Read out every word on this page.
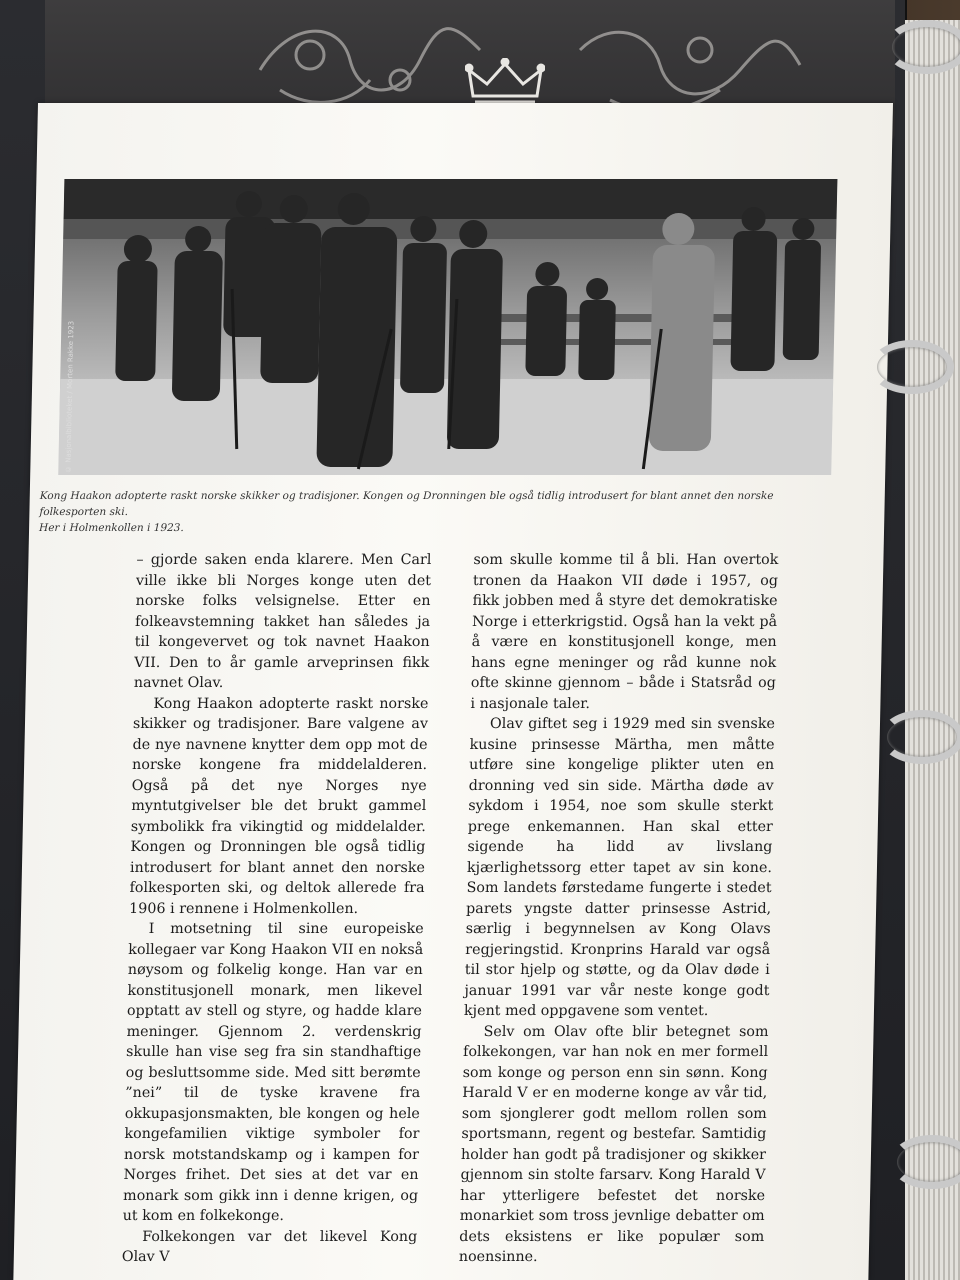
© Nasjonalbiblioteket / Morten Rakke 1923
Kong Haakon adopterte raskt norske skikker og tradisjoner. Kongen og Dronningen ble også tidlig introdusert for blant annet den norske folkesporten ski.
Her i Holmenkollen i 1923.

– gjorde saken enda klarere. Men Carl ville ikke bli Norges konge uten det norske folks velsignelse. Etter en folkeavstemning takket han således ja til kongevervet og tok navnet Haakon VII. Den to år gamle arveprinsen fikk navnet Olav.

Kong Haakon adopterte raskt norske skikker og tradisjoner. Bare valgene av de nye navnene knytter dem opp mot de norske kongene fra middelalderen. Også på det nye Norges nye myntutgivelser ble det brukt gammel symbolikk fra vikingtid og middelalder. Kongen og Dronningen ble også tidlig introdusert for blant annet den norske folkesporten ski, og deltok allerede fra 1906 i rennene i Holmenkollen.

I motsetning til sine europeiske kollegaer var Kong Haakon VII en nokså nøysom og folkelig konge. Han var en konstitusjonell monark, men likevel opptatt av stell og styre, og hadde klare meninger. Gjennom 2. verdenskrig skulle han vise seg fra sin standhaftige og besluttsomme side. Med sitt berømte ”nei” til de tyske kravene fra okkupasjonsmakten, ble kongen og hele kongefamilien viktige symboler for norsk motstandskamp og i kampen for Norges frihet. Det sies at det var en monark som gikk inn i denne krigen, og ut kom en folkekonge.

Folkekongen var det likevel Kong Olav V

som skulle komme til å bli. Han overtok tronen da Haakon VII døde i 1957, og fikk jobben med å styre det demokratiske Norge i etterkrigstid. Også han la vekt på å være en konstitusjonell konge, men hans egne meninger og råd kunne nok ofte skinne gjennom – både i Statsråd og i nasjonale taler.

Olav giftet seg i 1929 med sin svenske kusine prinsesse Märtha, men måtte utføre sine kongelige plikter uten en dronning ved sin side. Märtha døde av sykdom i 1954, noe som skulle sterkt prege enkemannen. Han skal etter sigende ha lidd av livslang kjærlighetssorg etter tapet av sin kone. Som landets førstedame fungerte i stedet parets yngste datter prinsesse Astrid, særlig i begynnelsen av Kong Olavs regjeringstid. Kronprins Harald var også til stor hjelp og støtte, og da Olav døde i januar 1991 var vår neste konge godt kjent med oppgavene som ventet.

Selv om Olav ofte blir betegnet som folkekongen, var han nok en mer formell som konge og person enn sin sønn. Kong Harald V er en moderne konge av vår tid, som sjonglerer godt mellom rollen som sportsmann, regent og bestefar. Samtidig holder han godt på tradisjoner og skikker gjennom sin stolte farsarv. Kong Harald V har ytterligere befestet det norske monarkiet som tross jevnlige debatter om dets eksistens er like populær som noensinne.
